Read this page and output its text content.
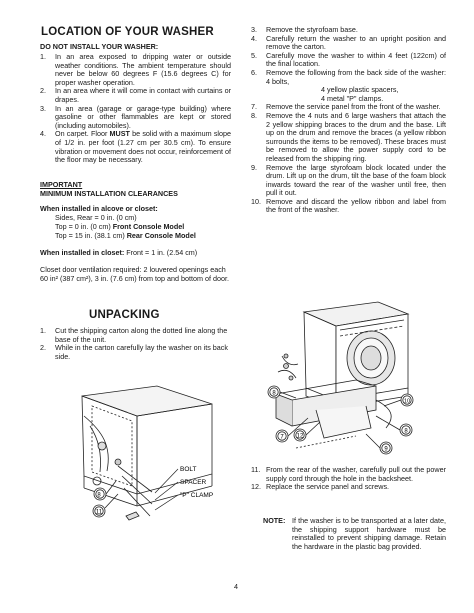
LOCATION OF YOUR WASHER
DO NOT INSTALL YOUR WASHER:
1. In an area exposed to dripping water or outside weather conditions. The ambient temperature should never be below 60 degrees F (15.6 degrees C) for proper washer operation.
2. In an area where it will come in contact with curtains or drapes.
3. In an area (garage or garage-type building) where gasoline or other flammables are kept or stored (including automobiles).
4. On carpet. Floor MUST be solid with a maximum slope of 1/2 in. per foot (1.27 cm per 30.5 cm). To ensure vibration or movement does not occur, reinforcement of the floor may be necessary.
IMPORTANT
MINIMUM INSTALLATION CLEARANCES
When installed in alcove or closet:
Sides, Rear = 0 in. (0 cm)
Top = 0 in. (0 cm) Front Console Model
Top = 15 in. (38.1 cm) Rear Console Model
When installed in closet: Front = 1 in. (2.54 cm)
Closet door ventilation required: 2 louvered openings each 60 in² (387 cm²), 3 in. (7.6 cm) from top and bottom of door.
UNPACKING
1. Cut the shipping carton along the dotted line along the base of the unit.
2. While in the carton carefully lay the washer on its back side.
8
11
BOLT
SPACER
"P" CLAMP
3. Remove the styrofoam base.
4. Carefully return the washer to an upright position and remove the carton.
5. Carefully move the washer to within 4 feet (122cm) of the final location.
6. Remove the following from the back side of the washer: 4 bolts,
4 yellow plastic spacers,
4 metal "P" clamps.
7. Remove the service panel from the front of the washer.
8. Remove the 4 nuts and 6 large washers that attach the 2 yellow shipping braces to the drum and the base. Lift up on the drum and remove the braces (a yellow ribbon surrounds the items to be removed). These braces must be removed to allow the power supply cord to be released from the shipping ring.
9. Remove the large styrofoam block located under the drum. Lift up on the drum, tilt the base of the foam block inwards toward the rear of the washer until free, then pull it out.
10. Remove and discard the yellow ribbon and label from the front of the washer.
8
7 12
10
8
9
11. From the rear of the washer, carefully pull out the power supply cord through the hole in the backsheet.
12. Replace the service panel and screws.
NOTE: If the washer is to be transported at a later date, the shipping support hardware must be reinstalled to prevent shipping damage. Retain the hardware in the plastic bag provided.
4
